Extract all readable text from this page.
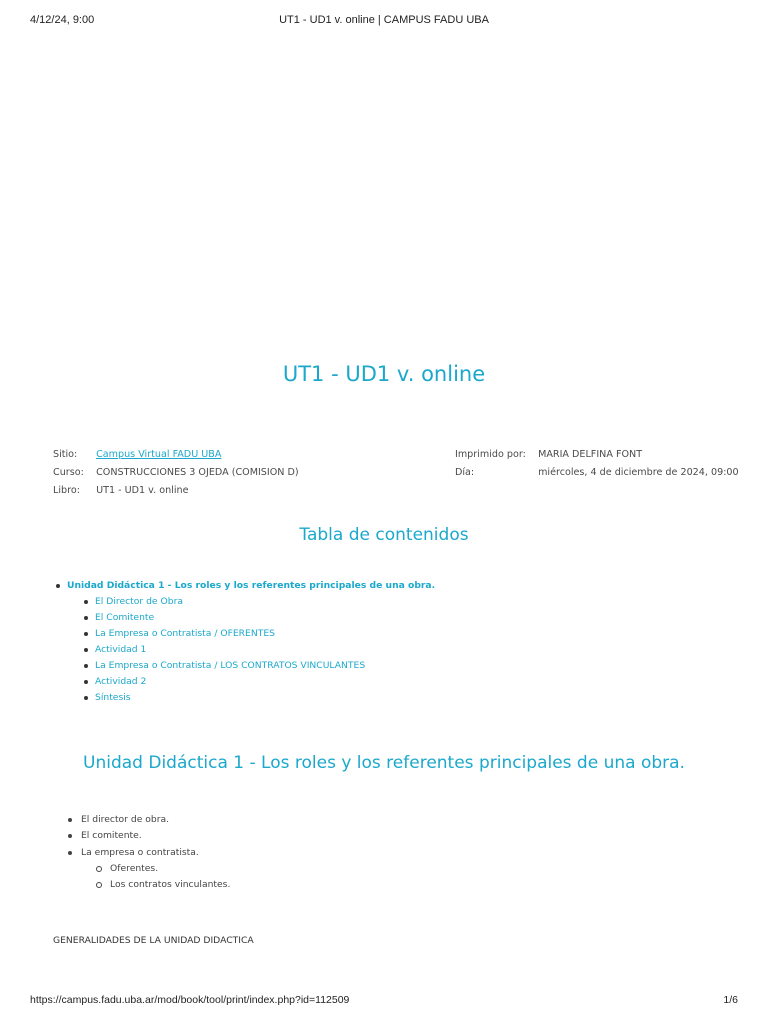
4/12/24, 9:00	UT1 - UD1 v. online | CAMPUS FADU UBA
UT1 - UD1 v. online
Sitio: Campus Virtual FADU UBA
Curso: CONSTRUCCIONES 3 OJEDA (COMISION D)
Libro: UT1 - UD1 v. online
Imprimido por: MARIA DELFINA FONT
Día:	miércoles, 4 de diciembre de 2024, 09:00
Tabla de contenidos
Unidad Didáctica 1 - Los roles y los referentes principales de una obra.
El Director de Obra
El Comitente
La Empresa o Contratista / OFERENTES
Actividad 1
La Empresa o Contratista / LOS CONTRATOS VINCULANTES
Actividad 2
Síntesis
Unidad Didáctica 1 - Los roles y los referentes principales de una obra.
El director de obra.
El comitente.
La empresa o contratista.
Oferentes.
Los contratos vinculantes.
GENERALIDADES DE LA UNIDAD DIDACTICA
https://campus.fadu.uba.ar/mod/book/tool/print/index.php?id=112509	1/6
